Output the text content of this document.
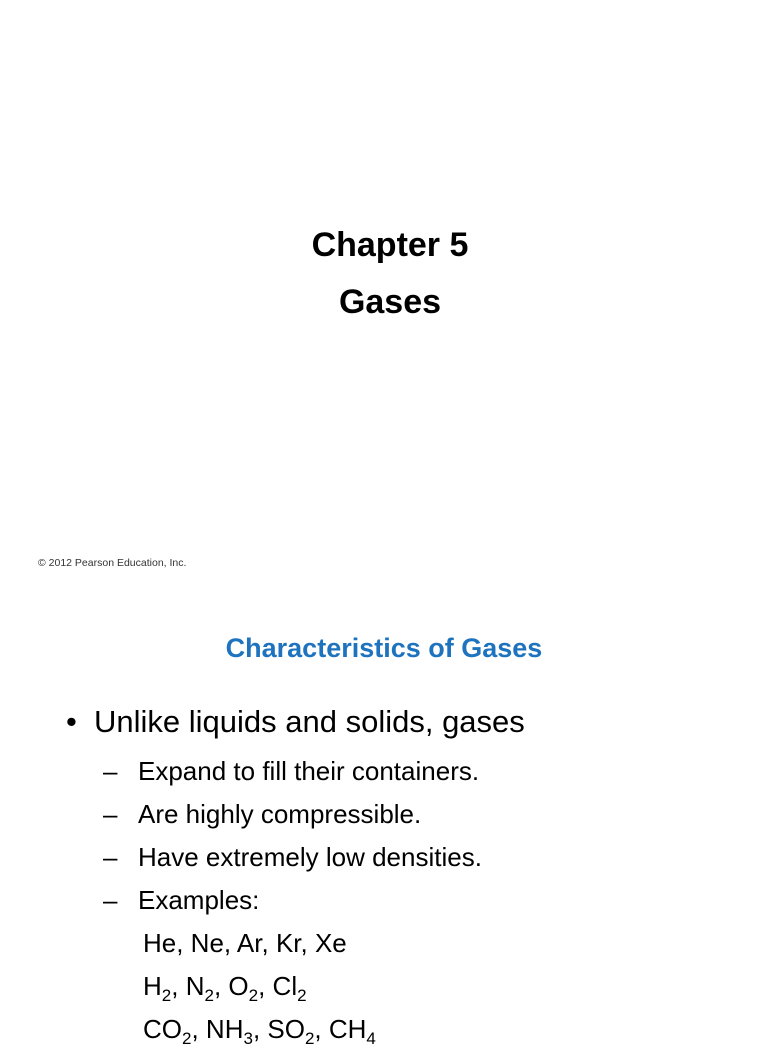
Chapter 5
Gases
© 2012 Pearson Education, Inc.
Characteristics of Gases
• Unlike liquids and solids, gases
– Expand to fill their containers.
– Are highly compressible.
– Have extremely low densities.
– Examples:
He, Ne, Ar, Kr, Xe
$H_2$, $N_2$, $O_2$, $Cl_2$
$CO_2$, $NH_3$, $SO_2$, $CH_4$
